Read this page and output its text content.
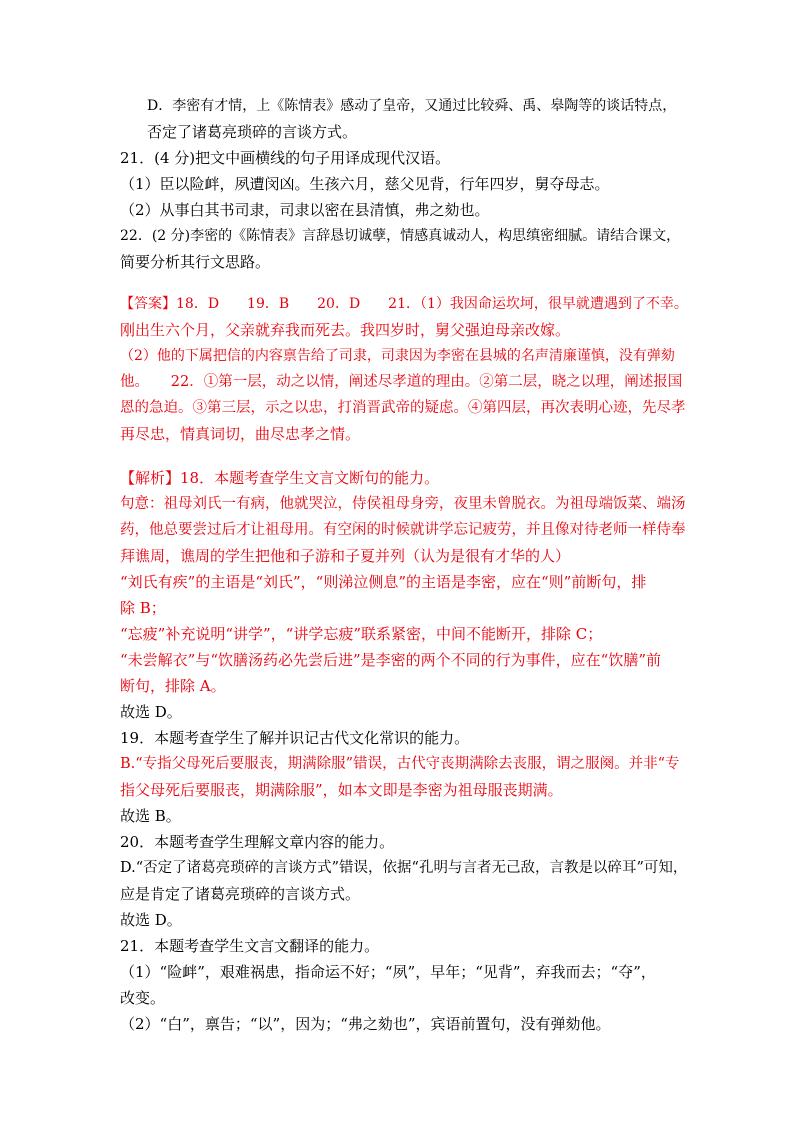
D．李密有才情，上《陈情表》感动了皇帝，又通过比较舜、禹、皋陶等的谈话特点，
否定了诸葛亮琐碎的言谈方式。
21．(4 分)把文中画横线的句子用译成现代汉语。
（1）臣以险衅，夙遭闵凶。生孩六月，慈父见背，行年四岁，舅夺母志。
（2）从事白其书司隶，司隶以密在县清慎，弗之劾也。
22．(2 分)李密的《陈情表》言辞恳切诚孽，情感真诚动人，构思缜密细腻。请结合课文，
简要分析其行文思路。
【答案】18．D　　19．B　　20．D　　21．（1）我因命运坎坷，很早就遭遇到了不幸。
刚出生六个月，父亲就弃我而死去。我四岁时，舅父强迫母亲改嫁。
（2）他的下属把信的内容禀告给了司隶，司隶因为李密在县城的名声清廉谨慎，没有弹劾
他。　　22．①第一层，动之以情，阐述尽孝道的理由。②第二层，晓之以理，阐述报国
恩的急迫。③第三层，示之以忠，打消晋武帝的疑虑。④第四层，再次表明心迹，先尽孝
再尽忠，情真词切，曲尽忠孝之情。
【解析】18．本题考查学生文言文断句的能力。
句意：祖母刘氏一有病，他就哭泣，侍侯祖母身旁，夜里未曾脱衣。为祖母端饭菜、端汤
药，他总要尝过后才让祖母用。有空闲的时候就讲学忘记疲劳，并且像对待老师一样侍奉
拜谯周，谯周的学生把他和子游和子夏并列（认为是很有才华的人）
“刘氏有疾”的主语是“刘氏”，“则涕泣侧息”的主语是李密，应在“则”前断句，排
除 B；
“忘疲”补充说明“讲学”，“讲学忘疲”联系紧密，中间不能断开，排除 C；
“未尝解衣”与“饮膳汤药必先尝后进”是李密的两个不同的行为事件，应在“饮膳”前
断句，排除 A。
故选 D。
19．本题考查学生了解并识记古代文化常识的能力。
B.“专指父母死后要服丧，期满除服”错误，古代守丧期满除去丧服，谓之服阕。并非“专
指父母死后要服丧，期满除服”，如本文即是李密为祖母服丧期满。
故选 B。
20．本题考查学生理解文章内容的能力。
D.“否定了诸葛亮琐碎的言谈方式”错误，依据“孔明与言者无己敌，言教是以碎耳”可知，
应是肯定了诸葛亮琐碎的言谈方式。
故选 D。
21．本题考查学生文言文翻译的能力。
（1）“险衅”，艰难祸患，指命运不好；“夙”，早年；“见背”，弃我而去；“夺”，
改变。
（2）“白”，禀告；“以”，因为；“弗之劾也”，宾语前置句，没有弹劾他。
